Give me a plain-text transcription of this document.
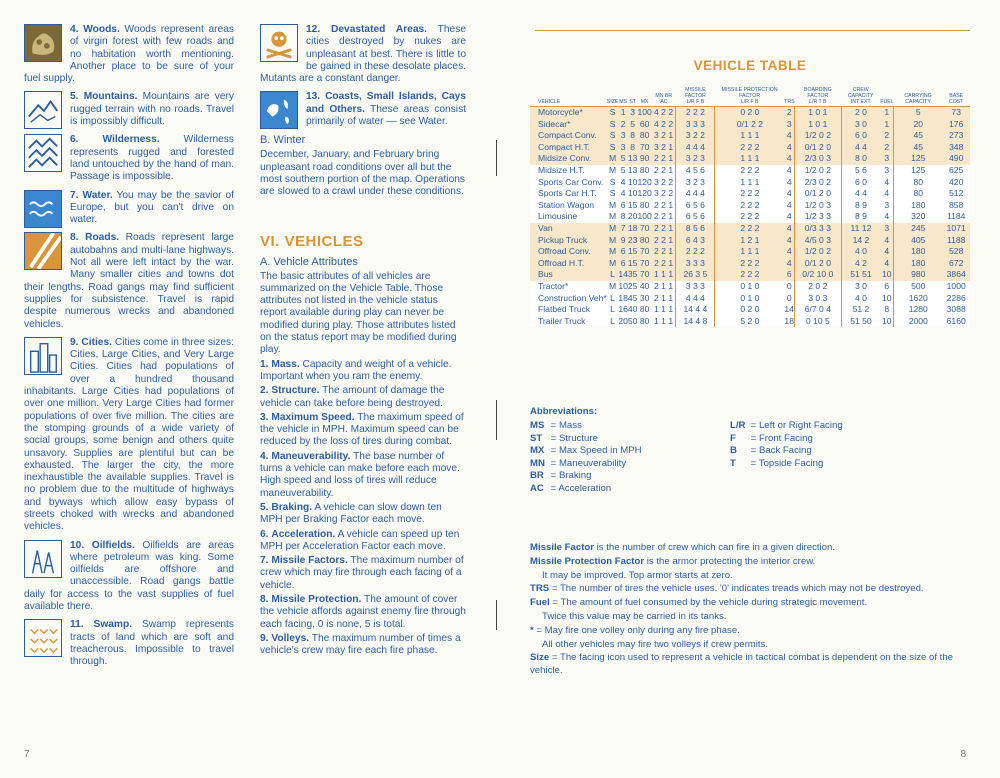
4. Woods. Woods represent areas of virgin forest with few roads and no habitation worth mentioning. Another place to be sure of your fuel supply.
5. Mountains. Mountains are very rugged terrain with no roads. Travel is impossibly difficult.
6. Wilderness. Wilderness represents rugged and forested land untouched by the hand of man. Passage is impossible.
7. Water. You may be the savior of Europe, but you can't drive on water.
8. Roads. Roads represent large autobahns and multi-lane highways. Not all were left intact by the war. Many smaller cities and towns dot their lengths. Road gangs may find sufficient supplies for subsistence. Travel is rapid despite numerous wrecks and abandoned vehicles.
9. Cities. Cities come in three sizes: Cities, Large Cities, and Very Large Cities. Cities had populations of over a hundred thousand inhabitants. Large Cities had populations of over one million. Very Large Cities had former populations of over five million. The cities are the stomping grounds of a wide variety of social groups, some benign and others quite unsavory. Supplies are plentiful but can be exhausted. The larger the city, the more inexhaustible the available supplies. Travel is no problem due to the multitude of highways and byways which allow easy bypass of streets choked with wrecks and abandoned vehicles.
10. Oilfields. Oilfields are areas where petroleum was king. Some oilfields are offshore and unaccessible. Road gangs battle daily for access to the vast supplies of fuel available there.
11. Swamp. Swamp represents tracts of land which are soft and treacherous. Impossible to travel through.
12. Devastated Areas. These cities destroyed by nukes are unpleasant at best. There is little to be gained in these desolate places. Mutants are a constant danger.
13. Coasts, Small Islands, Cays and Others. These areas consist primarily of water — see Water.
B. Winter
December, January, and February bring unpleasant road conditions over all but the most southern portion of the map. Operations are slowed to a crawl under these conditions.
VI. VEHICLES
A. Vehicle Attributes
The basic attributes of all vehicles are summarized on the Vehicle Table. Those attributes not listed in the vehicle status report available during play can never be modified during play. Those attributes listed on the status report may be modified during play.
1. Mass. Capacity and weight of a vehicle. Important when you ram the enemy.
2. Structure. The amount of damage the vehicle can take before being destroyed.
3. Maximum Speed. The maximum speed of the vehicle in MPH. Maximum speed can be reduced by the loss of tires during combat.
4. Maneuverability. The base number of turns a vehicle can make before each move. High speed and loss of tires will reduce maneuverability.
5. Braking. A vehicle can slow down ten MPH per Braking Factor each move.
6. Acceleration. A vehicle can speed up ten MPH per Acceleration Factor each move.
7. Missile Factors. The maximum number of crew which may fire through each facing of a vehicle.
8. Missile Protection. The amount of cover the vehicle affords against enemy fire through each facing, 0 is none, 5 is total.
9. Volleys. The maximum number of times a vehicle's crew may fire each fire phase.
7	8
VEHICLE TABLE
VEHICLE	SIZE	MS	ST	MX	MN BR AC	MISSILE FACTOR
L/R F B	MISSILE PROTECTION FACTOR
L/R F B	TRS	BOARDING FACTOR
L/R T B	CREW CAPACITY
INT EXT	FUEL	CARRYING CAPACITY	BASE COST
Motorcycle*	S	1	3	100	4 2 2	2 2 2	0 2 0	2	1 0 1	2 0	1	5	73
Sidecar*	S	2	5	60	4 2 2	3 3 3	0/1 2 2	3	1 0 1	3 0	1	20	176
Compact Conv.	S	3	8	80	3 2 1	3 2 2	1 1 1	4	1/2 0 2	6 0	2	45	273
Compact H.T.	S	3	8	70	3 2 1	4 4 4	2 2 2	4	0/1 2 0	4 4	2	45	348
Midsize Conv.	M	5	13	90	2 2 1	3 2 3	1 1 1	4	2/3 0 3	8 0	3	125	490
Midsize H.T.	M	5	13	80	2 2 1	4 5 6	2 2 2	4	1/2 0 2	5 6	3	125	625
Sports Car Conv.	S	4	10	120	3 2 2	3 2 3	1 1 1	4	2/3 0 2	6 0	4	80	420
Sports Car H.T.	S	4	10	120	3 2 2	4 4 4	2 2 2	4	0/1 2 0	4 4	4	80	512
Station Wagon	M	6	15	80	2 2 1	6 5 6	2 2 2	4	1/2 0 3	8 9	3	180	858
Limousine	M	8	20	100	2 2 1	6 5 6	2 2 2	4	1/2 3 3	8 9	4	320	1184
Van	M	7	18	70	2 2 1	8 5 6	2 2 2	4	0/3 3 3	11 12	3	245	1071
Pickup Truck	M	9	23	80	2 2 1	6 4 3	1 2 1	4	4/5 0 3	14 2	4	405	1188
Offroad Conv.	M	6	15	70	2 2 1	2 2 2	1 1 1	4	1/2 0 2	4 0	4	180	528
Offroad H.T.	M	6	15	70	2 2 1	3 3 3	2 2 2	4	0/1 2 0	4 2	4	180	672
Bus	L	14	35	70	1 1 1	26 3 5	2 2 2	6	0/2 10 0	51 51	10	980	3864
Tractor*	M	10	25	40	2 1 1	3 3 3	0 1 0	0	2 0 2	3 0	6	500	1000
Construction Veh*	L	18	45	30	2 1 1	4 4 4	0 1 0	0	3 0 3	4 0	10	1620	2286
Flatbed Truck	L	16	40	80	1 1 1	14 4 4	0 2 0	14	6/7 0 4	51 2	8	1280	3088
Trailer Truck	L	20	50	80	1 1 1	14 4 8	5 2 0	18	0 10 5	51 50	10	2000	6160
Abbreviations:
MS = Mass
ST = Structure
MX = Max Speed in MPH
MN = Maneuverability
BR = Braking
AC = Acceleration
L/R = Left or Right Facing
F = Front Facing
B = Back Facing
T = Topside Facing

Missile Factor is the number of crew which can fire in a given direction.

Missile Protection Factor is the armor protecting the interior crew.

It may be improved. Top armor starts at zero.

TRS = The number of tires the vehicle uses. '0' indicates treads which may not be destroyed.

Fuel = The amount of fuel consumed by the vehicle during strategic movement.

Twice this value may be carried in its tanks.

* = May fire one volley only during any fire phase.

All other vehicles may fire two volleys if crew permits.

Size = The facing icon used to represent a vehicle in tactical combat is dependent on the size of the vehicle.
